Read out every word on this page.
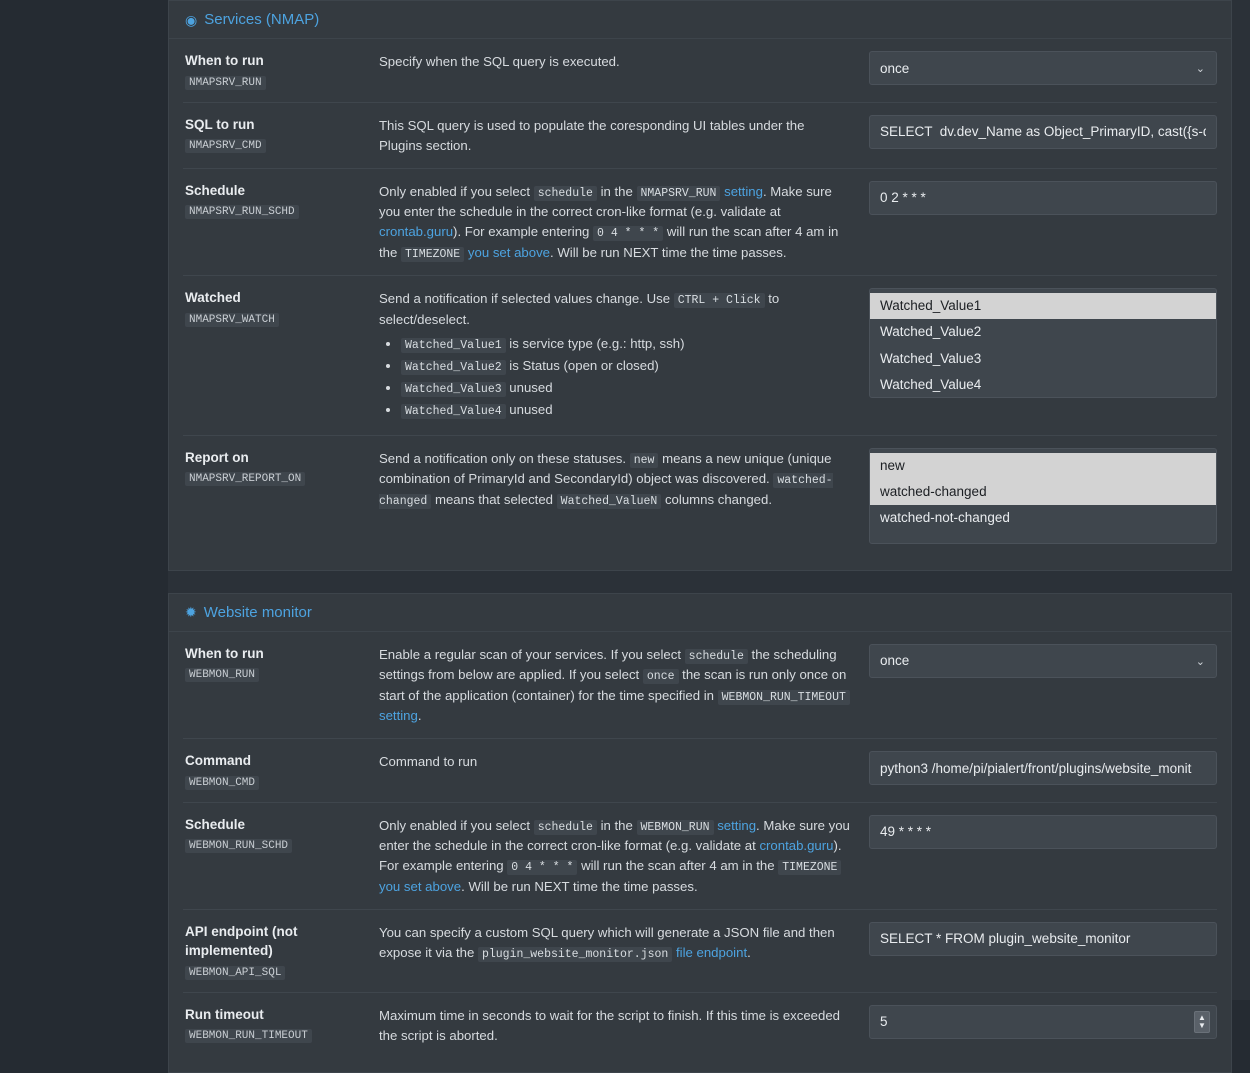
◉ Services (NMAP)
When to run
NMAPSRV_RUN
Specify when the SQL query is executed.
once	⌄
SQL to run
NMAPSRV_CMD
This SQL query is used to populate the coresponding UI tables under the Plugins section.
SELECT dv.dev_Name as Object_PrimaryID, cast({s-quo
Schedule
NMAPSRV_RUN_SCHD
Only enabled if you select schedule in the NMAPSRV_RUN setting. Make sure you enter the schedule in the correct cron-like format (e.g. validate at crontab.guru). For example entering 0 4 * * * will run the scan after 4 am in the TIMEZONE you set above. Will be run NEXT time the time passes.
0 2 * * *
Watched
NMAPSRV_WATCH
Send a notification if selected values change. Use CTRL + Click to select/deselect.
• Watched_Value1 is service type (e.g.: http, ssh)
• Watched_Value2 is Status (open or closed)
• Watched_Value3 unused
• Watched_Value4 unused
Watched_Value1
Watched_Value2
Watched_Value3
Watched_Value4
Report on
NMAPSRV_REPORT_ON
Send a notification only on these statuses. new means a new unique (unique combination of PrimaryId and SecondaryId) object was discovered. watched-changed means that selected Watched_ValueN columns changed.
new
watched-changed
watched-not-changed
✹ Website monitor
When to run
WEBMON_RUN
Enable a regular scan of your services. If you select schedule the scheduling settings from below are applied. If you select once the scan is run only once on start of the application (container) for the time specified in WEBMON_RUN_TIMEOUT setting.
once
⌄
Command
WEBMON_CMD
Command to run
python3 /home/pi/pialert/front/plugins/website_monit
Schedule
WEBMON_RUN_SCHD
Only enabled if you select schedule in the WEBMON_RUN setting. Make sure you enter the schedule in the correct cron-like format (e.g. validate at crontab.guru). For example entering 0 4 * * * will run the scan after 4 am in the TIMEZONE you set above. Will be run NEXT time the time passes.
49 * * * *
API endpoint (not implemented)
WEBMON_API_SQL
You can specify a custom SQL query which will generate a JSON file and then expose it via the plugin_website_monitor.json file endpoint.
SELECT * FROM plugin_website_monitor
Run timeout
WEBMON_RUN_TIMEOUT
Maximum time in seconds to wait for the script to finish. If this time is exceeded the script is aborted.
5
▲
▼
